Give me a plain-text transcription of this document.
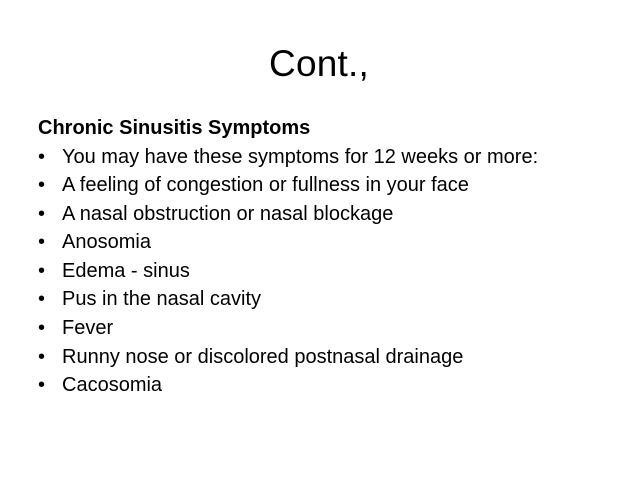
Cont.,
Chronic Sinusitis Symptoms
• You may have these symptoms for 12 weeks or more:
• A feeling of congestion or fullness in your face
• A nasal obstruction or nasal blockage
• Anosomia
• Edema - sinus
• Pus in the nasal cavity
• Fever
• Runny nose or discolored postnasal drainage
• Cacosomia
